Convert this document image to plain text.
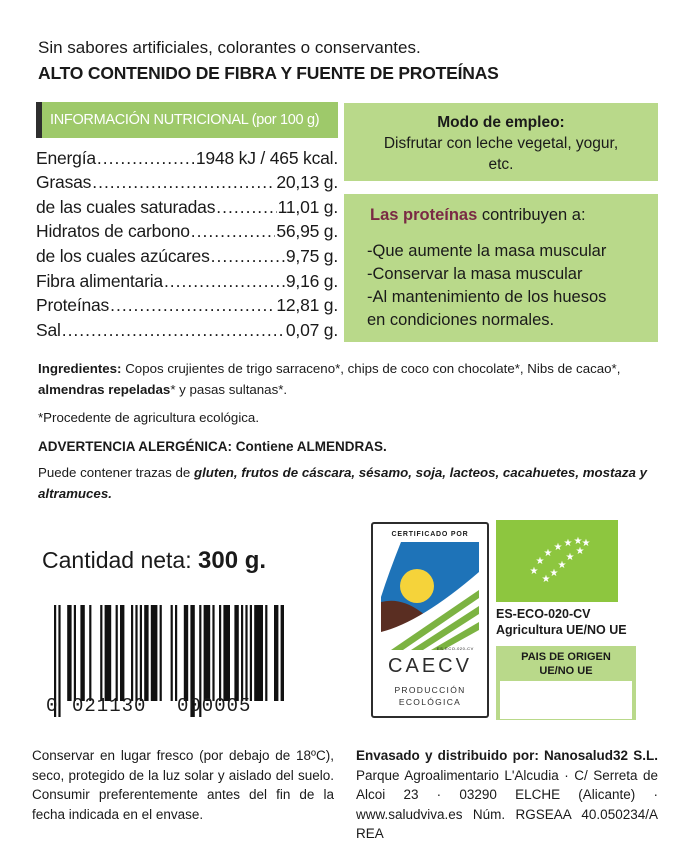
Sin sabores artificiales, colorantes o conservantes.
ALTO CONTENIDO DE FIBRA Y FUENTE DE PROTEÍNAS
INFORMACIÓN NUTRICIONAL (por 100 g)
Energía .....	1948 kJ / 465 kcal.
Grasas .....	20,13 g.
de las cuales saturadas .....	11,01 g.
Hidratos de carbono .....	56,95 g.
de los cuales azúcares .....	9,75 g.
Fibra alimentaria .....	9,16 g.
Proteínas .....	12,81 g.
Sal .....	0,07 g.
Modo de empleo:
Disfrutar con leche vegetal, yogur,
etc.
Las proteínas contribuyen a:
-Que aumente la masa muscular
-Conservar la masa muscular
-Al mantenimiento de los huesos
en condiciones normales.
Ingredientes: Copos crujientes de trigo sarraceno*, chips de coco con chocolate*, Nibs de cacao*, almendras repeladas* y pasas sultanas*.
*Procedente de agricultura ecológica.
ADVERTENCIA ALERGÉNICA: Contiene ALMENDRAS.
Puede contener trazas de gluten, frutos de cáscara, sésamo, soja, lacteos, cacahuetes, mostaza y altramuces.
Cantidad neta: 300 g.
0 021130 000005
CERTIFICADO POR
ES-ECO-020-CV
CAECV
PRODUCCIÓN
ECOLÓGICA
★
★
★
★ ★ ★ ★
★
★
★
★
★
ES-ECO-020-CV
Agricultura UE/NO UE
PAIS DE ORIGEN
UE/NO UE
Conservar en lugar fresco (por debajo de 18ºC), seco, protegido de la luz solar y aislado del suelo. Consumir preferentemente antes del fin de la fecha indicada en el envase.
Envasado y distribuido por: Nanosalud32 S.L. Parque Agroalimentario L'Alcudia · C/ Serreta de Alcoi 23 · 03290 ELCHE (Alicante) · www.saludviva.es Núm. RGSEAA 40.050234/A REA
